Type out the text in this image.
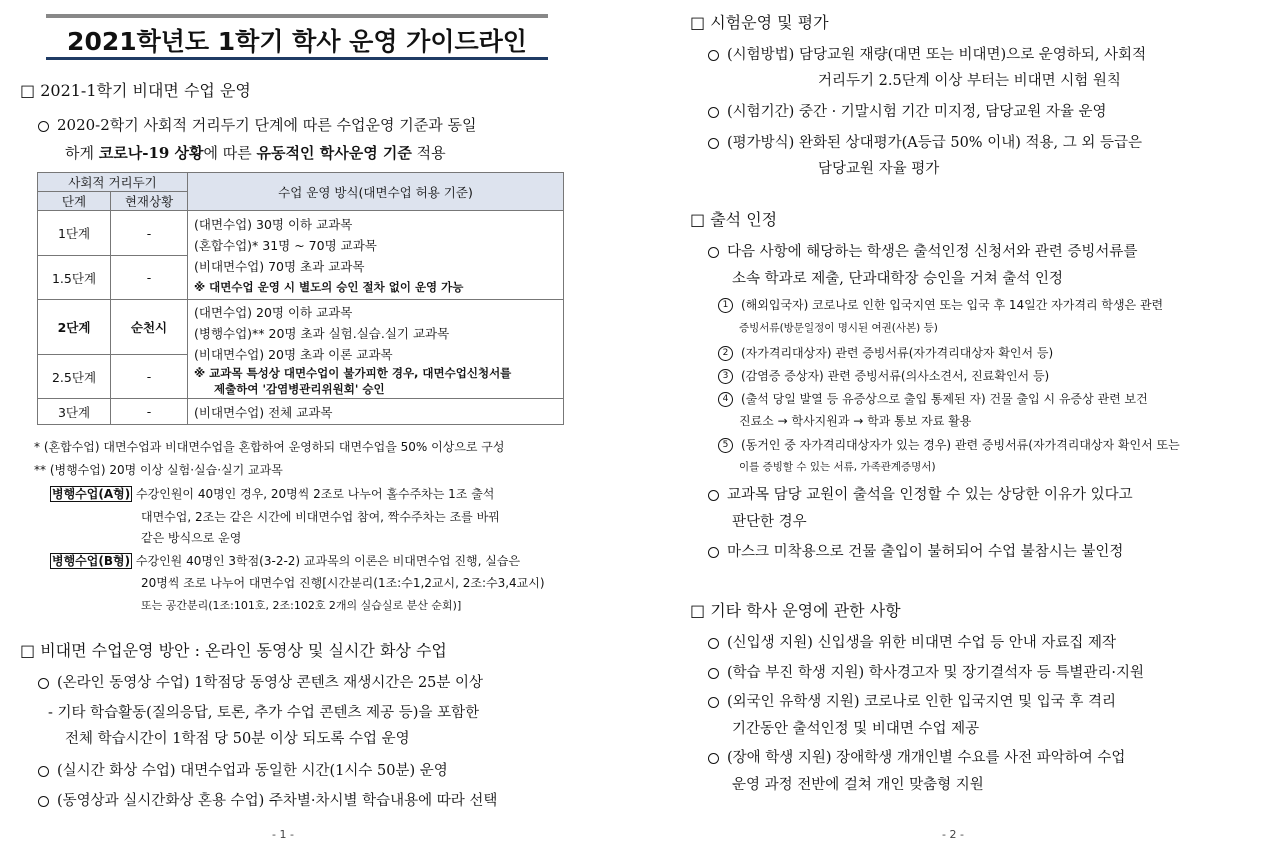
2021학년도 1학기 학사 운영 가이드라인
□ 2021-1학기 비대면 수업 운영
2020-2학기 사회적 거리두기 단계에 따른 수업운영 기준과 동일
하게 코로나-19 상황에 따른 유동적인 학사운영 기준 적용
사회적 거리두기		수업 운영 방식(대면수업 허용 기준)
단계	현재상황	
1단계	-	(대면수업) 30명 이하 교과목
(혼합수업)* 31명 ~ 70명 교과목
(비대면수업) 70명 초과 교과목
※ 대면수업 운영 시 별도의 승인 절차 없이 운영 가능

1.5단계	-	
2단계	순천시	(대면수업) 20명 이하 교과목
(병행수업)** 20명 초과 실험.실습.실기 교과목
(비대면수업) 20명 초과 이론 교과목
※ 교과목 특성상 대면수업이 불가피한 경우, 대면수업신청서를
제출하여 '감염병관리위원회' 승인

2.5단계	-	
3단계	-	(비대면수업) 전체 교과목
* (혼합수업) 대면수업과 비대면수업을 혼합하여 운영하되 대면수업을 50% 이상으로 구성
** (병행수업) 20명 이상 실험·실습·실기 교과목
병행수업(A형) 수강인원이 40명인 경우, 20명씩 2조로 나누어 홀수주차는 1조 출석
대면수업, 2조는 같은 시간에 비대면수업 참여, 짝수주차는 조를 바꿔
같은 방식으로 운영
병행수업(B형) 수강인원 40명인 3학점(3-2-2) 교과목의 이론은 비대면수업 진행, 실습은
20명씩 조로 나누어 대면수업 진행[시간분리(1조:수1,2교시, 2조:수3,4교시)
또는 공간분리(1조:101호, 2조:102호 2개의 실습실로 분산 순회)]
□ 비대면 수업운영 방안 : 온라인 동영상 및 실시간 화상 수업
(온라인 동영상 수업) 1학점당 동영상 콘텐츠 재생시간은 25분 이상
- 기타 학습활동(질의응답, 토론, 추가 수업 콘텐츠 제공 등)을 포함한
전체 학습시간이 1학점 당 50분 이상 되도록 수업 운영
(실시간 화상 수업) 대면수업과 동일한 시간(1시수 50분) 운영
(동영상과 실시간화상 혼용 수업) 주차별·차시별 학습내용에 따라 선택
- 1 -
□ 시험운영 및 평가
(시험방법) 담당교원 재량(대면 또는 비대면)으로 운영하되, 사회적
거리두기 2.5단계 이상 부터는 비대면 시험 원칙
(시험기간) 중간 · 기말시험 기간 미지정, 담당교원 자율 운영
(평가방식) 완화된 상대평가(A등급 50% 이내) 적용, 그 외 등급은
담당교원 자율 평가
□ 출석 인정
다음 사항에 해당하는 학생은 출석인정 신청서와 관련 증빙서류를
소속 학과로 제출, 단과대학장 승인을 거쳐 출석 인정
1 (해외입국자) 코로나로 인한 입국지연 또는 입국 후 14일간 자가격리 학생은 관련
증빙서류(방문일정이 명시된 여권(사본) 등)
2 (자가격리대상자) 관련 증빙서류(자가격리대상자 확인서 등)
3 (감염증 증상자) 관련 증빙서류(의사소견서, 진료확인서 등)
4 (출석 당일 발열 등 유증상으로 출입 통제된 자) 건물 출입 시 유증상 관련 보건
진료소 → 학사지원과 → 학과 통보 자료 활용
5 (동거인 중 자가격리대상자가 있는 경우) 관련 증빙서류(자가격리대상자 확인서 또는
이를 증빙할 수 있는 서류, 가족관계증명서)
교과목 담당 교원이 출석을 인정할 수 있는 상당한 이유가 있다고
판단한 경우
마스크 미착용으로 건물 출입이 불허되어 수업 불참시는 불인정
□ 기타 학사 운영에 관한 사항
(신입생 지원) 신입생을 위한 비대면 수업 등 안내 자료집 제작
(학습 부진 학생 지원) 학사경고자 및 장기결석자 등 특별관리·지원
(외국인 유학생 지원) 코로나로 인한 입국지연 및 입국 후 격리
기간동안 출석인정 및 비대면 수업 제공
(장애 학생 지원) 장애학생 개개인별 수요를 사전 파악하여 수업
운영 과정 전반에 걸쳐 개인 맞춤형 지원
- 2 -
